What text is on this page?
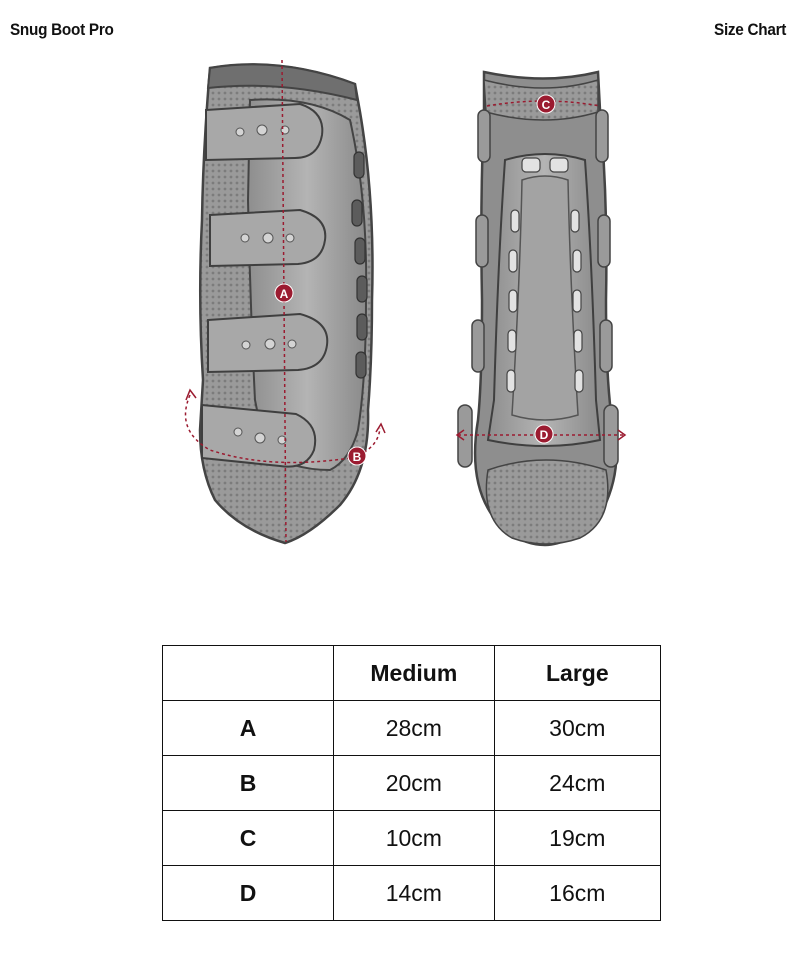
Snug Boot Pro	Size Chart
A
B
C
D
	Medium	Large
A	28cm	30cm
B	20cm	24cm
C	10cm	19cm
D	14cm	16cm
